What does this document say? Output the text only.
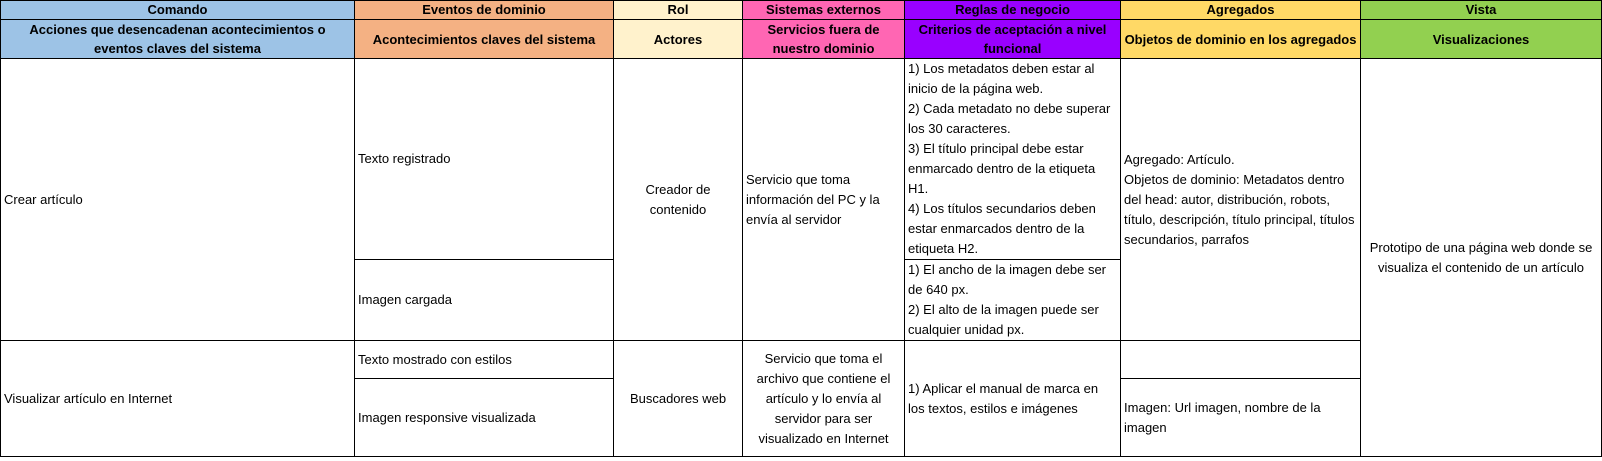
Comando	Eventos de dominio	Rol	Sistemas externos	Reglas de negocio	Agregados	Vista
Acciones que desencadenan acontecimientos o eventos claves del sistema	Acontecimientos claves del sistema	Actores	Servicios fuera de nuestro dominio	Criterios de aceptación a nivel funcional	Objetos de dominio en los agregados	Visualizaciones
Crear artículo	Texto registrado	Creador de contenido	Servicio que toma información del PC y la envía al servidor	1) Los metadatos deben estar al inicio de la página web.
2) Cada metadato no debe superar los 30 caracteres.
3) El título principal debe estar enmarcado dentro de la etiqueta H1.
4) Los títulos secundarios deben estar enmarcados dentro de la etiqueta H2.	Agregado: Artículo.
Objetos de dominio: Metadatos dentro del head: autor, distribución, robots, título, descripción, título principal, títulos secundarios, parrafos	Prototipo de una página web donde se visualiza el contenido de un artículo
	Imagen cargada			1) El ancho de la imagen debe ser de 640 px.
2) El alto de la imagen puede ser cualquier unidad px.		

Visualizar artículo en Internet	Texto mostrado con estilos	Buscadores web	Servicio que toma el archivo que contiene el artículo y lo envía al servidor para ser visualizado en Internet	1) Aplicar el manual de marca en los textos, estilos e imágenes		
	Imagen responsive visualizada				Imagen: Url imagen, nombre de la imagen	
